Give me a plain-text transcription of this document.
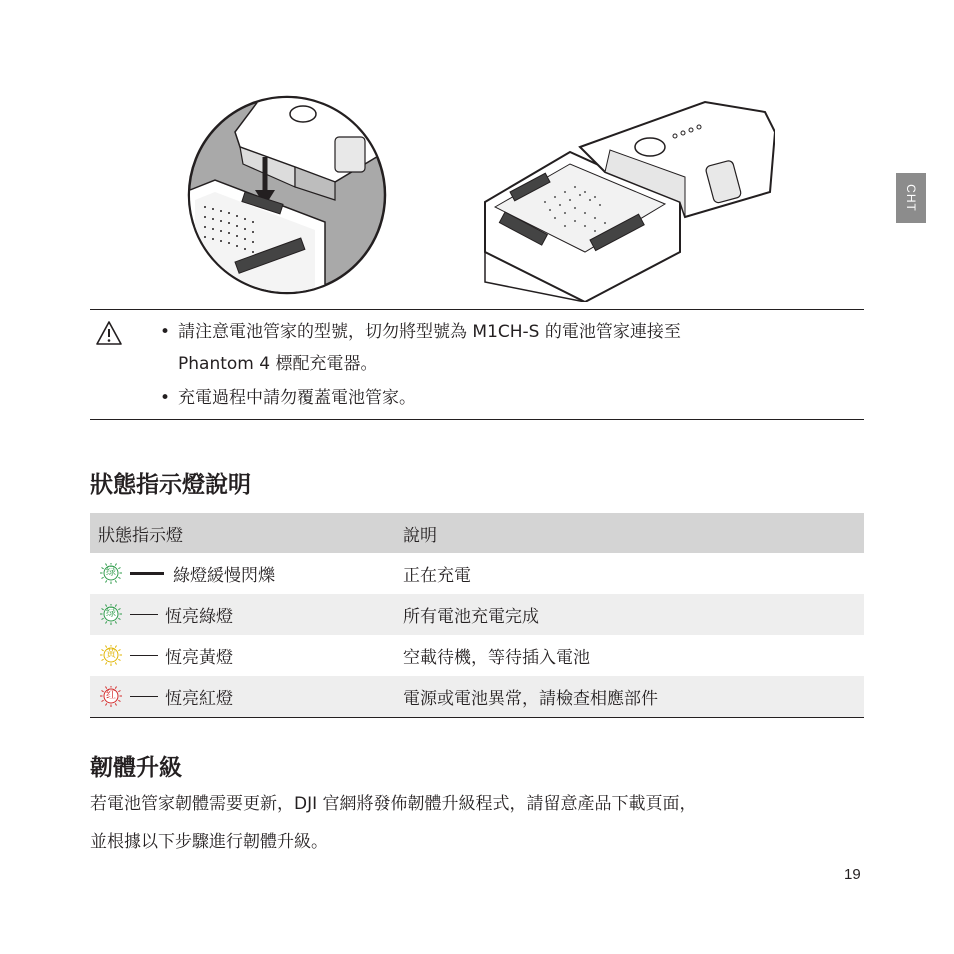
CHT
• 請注意電池管家的型號，切勿將型號為 M1CH-S 的電池管家連接至
Phantom 4 標配充電器。
• 充電過程中請勿覆蓋電池管家。
狀態指示燈說明
狀態指示燈	說明

绿 綠燈緩慢閃爍	正在充電

绿 恆亮綠燈	所有電池充電完成

黄 恆亮黃燈	空載待機，等待插入電池

红 恆亮紅燈	電源或電池異常，請檢查相應部件
韌體升級
若電池管家韌體需要更新，DJI 官網將發佈韌體升級程式，請留意產品下載頁面，
並根據以下步驟進行韌體升級。
19
